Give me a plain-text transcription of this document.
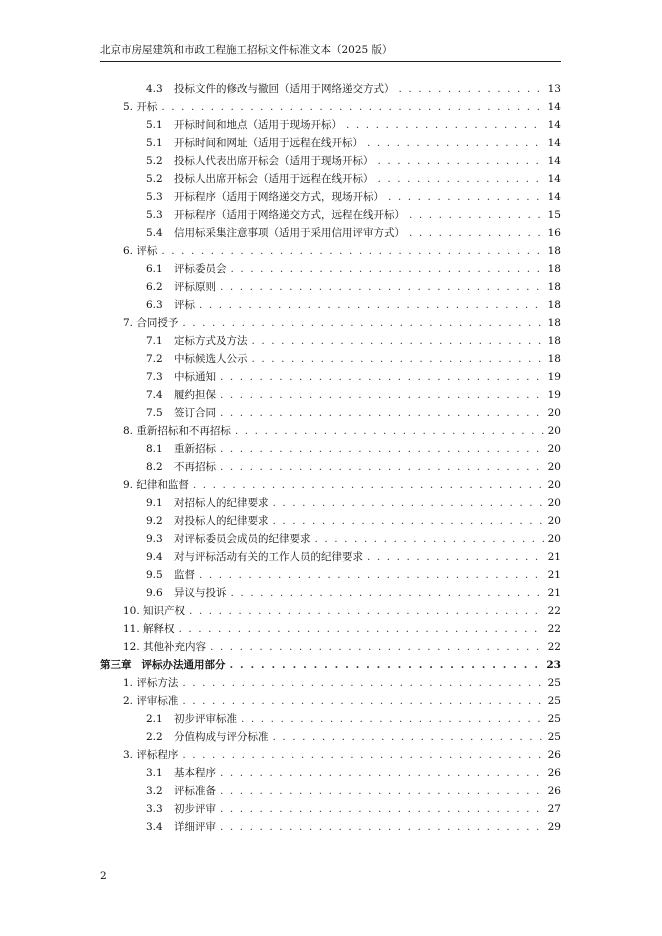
北京市房屋建筑和市政工程施工招标文件标准文本（2025 版）
4.3	投标文件的修改与撤回（适用于网络递交方式） . . .	13
5. 开标 . . .	14
5.1	开标时间和地点（适用于现场开标） . . .	14
5.1	开标时间和网址（适用于远程在线开标） . . .	14
5.2	投标人代表出席开标会（适用于现场开标） . . .	14
5.2	投标人出席开标会（适用于远程在线开标） . . .	14
5.3	开标程序（适用于网络递交方式，现场开标） . . .	14
5.3	开标程序（适用于网络递交方式，远程在线开标） . . .	15
5.4	信用标采集注意事项（适用于采用信用评审方式） . . .	16
6. 评标 . . .	18
6.1	评标委员会 . . .	18
6.2	评标原则 . . .	18
6.3	评标 . . .	18
7. 合同授予 . . .	18
7.1	定标方式及方法 . . .	18
7.2	中标候选人公示 . . .	18
7.3	中标通知 . . .	19
7.4	履约担保 . . .	19
7.5	签订合同 . . .	20
8. 重新招标和不再招标 . . .	20
8.1	重新招标 . . .	20
8.2	不再招标 . . .	20
9. 纪律和监督 . . .	20
9.1	对招标人的纪律要求 . . .	20
9.2	对投标人的纪律要求 . . .	20
9.3	对评标委员会成员的纪律要求 . . .	20
9.4	对与评标活动有关的工作人员的纪律要求 . . .	21
9.5	监督 . . .	21
9.6	异议与投诉 . . .	21
10. 知识产权 . . .	22
11. 解释权 . . .	22
12. 其他补充内容 . . .	22
第三章 评标办法通用部分 . . .	23
1. 评标方法 . . .	25
2. 评审标准 . . .	25
2.1	初步评审标准 . . .	25
2.2	分值构成与评分标准 . . .	25
3. 评标程序 . . .	26
3.1	基本程序 . . .	26
3.2	评标准备 . . .	26
3.3	初步评审 . . .	27
3.4	详细评审 . . .	29
2
